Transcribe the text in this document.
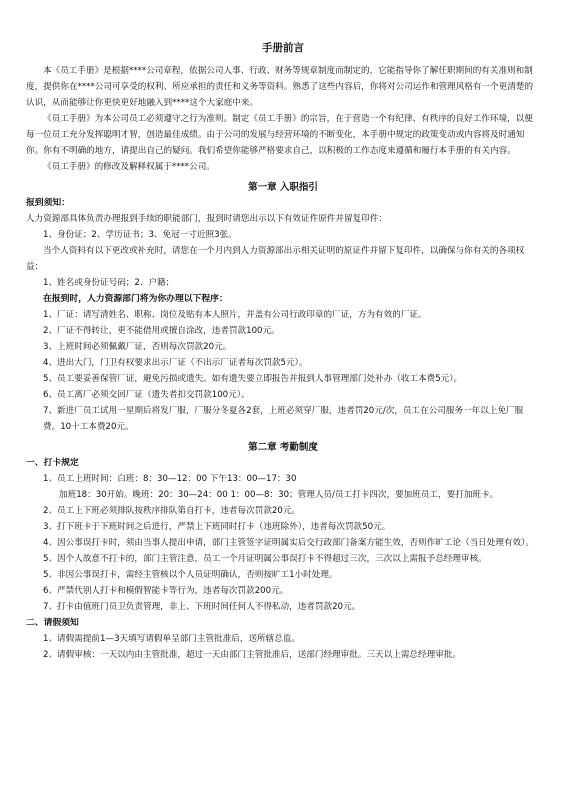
手册前言

本《员工手册》是根据****公司章程，依据公司人事、行政、财务等规章制度而制定的，它能指导你了解任职期间的有关准则和制度，提供你在****公司可享受的权利、所应承担的责任和义务等资料。熟悉了这些内容后，你将对公司运作和管理风格有一个更清楚的认识，从而能够让你更快更好地融入到****这个大家庭中来。

《员工手册》为本公司员工必须遵守之行为准则。制定《员工手册》的宗旨，在于营造一个有纪律、有秩序的良好工作环境，以便每一位员工充分发挥聪明才智，创造最佳成绩。由于公司的发展与经营环境的不断变化，本手册中规定的政策变动或内容将及时通知你。你有不明确的地方，请提出自己的疑问。我们希望你能够严格要求自己，以积极的工作态度来遵循和履行本手册的有关内容。

《员工手册》的修改及解释权属于****公司。

第一章 入职指引

报到须知：

人力资源部具体负责办理报到手续的职能部门，报到时请您出示以下有效证件原件并留复印件：

1、身份证；2、学历证书；3、免冠一寸近照3张。

当个人资料有以下更改或补充时，请您在一个月内到人力资源部出示相关证明的原证件并留下复印件，以确保与你有关的各项权益：

1、姓名或身份证号码；2、户籍；

在报到时，人力资源部门将为你办理以下程序：

1、厂证：请写清姓名、职称、岗位及贴有本人照片，并盖有公司行政印章的厂证，方为有效的厂证。

2、厂证不得转让，更不能借用或擅自涂改，违者罚款100元。

3、上班时间必须佩戴厂证，否则每次罚款20元。

4、进出大门，门卫有权要求出示厂证（不出示厂证者每次罚款5元）。

5、员工要妥善保管厂证，避免污损或遗失。如有遗失要立即报告并报到人事管理部门处补办（收工本费5元）。

6、员工离厂必须交回厂证（遗失者扣交罚款100元）。

7、新进厂员工试用一星期后将发厂服，厂服分冬夏各2套，上班必须穿厂服，违者罚20元/次，员工在公司服务一年以上免厂服费。10十工本费20元。

第二章 考勤制度

一、打卡规定

1、员工上班时间：白班：8：30—12：00 下午13：00—17：30

加班18：30开始。晚班：20：30—24：00 1：00—8：30；管理人员/员工打卡四次，要加班员工，要打加班卡。

2、员工上下班必须排队按秩序排队第自打卡，违者每次罚款20元。

3、打下班卡于下班时间之后进行，严禁上下班同时打卡（违班除外），违者每次罚款50元。

4、因公事误打卡时，须由当事人提出申请，部门主管签字证明属实后交行政部门备案方能生效，否则作旷工论（当日处理有效）。

5、因个人故意不打卡的，部门主管注意，员工一个月证明属公事误打卡不得超过三次，三次以上需报予总经理审核。

5、非因公事误打卡，需经主管核以个人员证明确认，否则按旷工1小时处理。

6、严禁代别人打卡和模假智能卡等行为，违者每次罚款200元。

7、打卡由值班门员卫负责管理，非上、下班时间任何人不得私动，违者罚款20元。

二、请假须知

1、请假需提前1—3天填写请假单呈部门主管批准后，送所辖总监。

2、请假审核：一天以内由主管批准，超过一天由部门主管批准后，送部门经理审批。三天以上需总经理审批。
